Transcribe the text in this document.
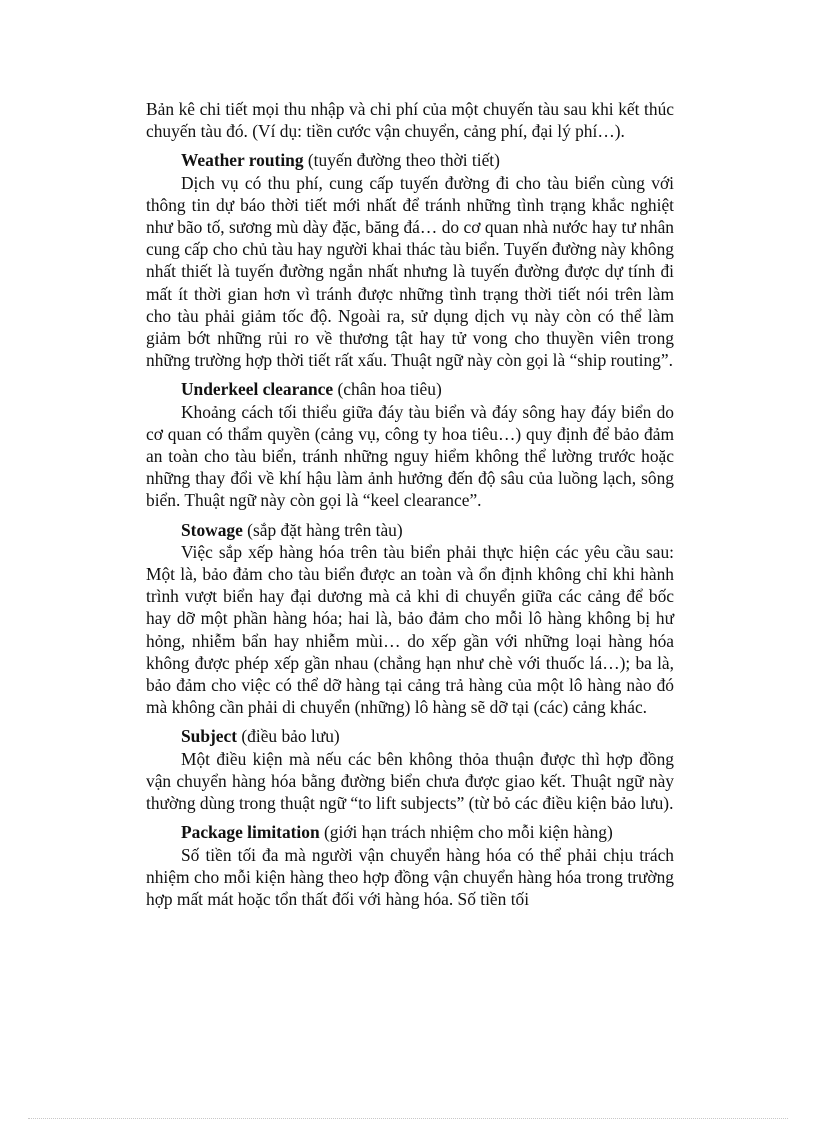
Bản kê chi tiết mọi thu nhập và chi phí của một chuyến tàu sau khi kết thúc chuyến tàu đó. (Ví dụ: tiền cước vận chuyển, cảng phí, đại lý phí…).

Weather routing (tuyến đường theo thời tiết)

Dịch vụ có thu phí, cung cấp tuyến đường đi cho tàu biển cùng với thông tin dự báo thời tiết mới nhất để tránh những tình trạng khắc nghiệt như bão tố, sương mù dày đặc, băng đá… do cơ quan nhà nước hay tư nhân cung cấp cho chủ tàu hay người khai thác tàu biển. Tuyến đường này không nhất thiết là tuyến đường ngắn nhất nhưng là tuyến đường được dự tính đi mất ít thời gian hơn vì tránh được những tình trạng thời tiết nói trên làm cho tàu phải giảm tốc độ. Ngoài ra, sử dụng dịch vụ này còn có thể làm giảm bớt những rủi ro về thương tật hay tử vong cho thuyền viên trong những trường hợp thời tiết rất xấu. Thuật ngữ này còn gọi là “ship routing”.

Underkeel clearance (chân hoa tiêu)

Khoảng cách tối thiểu giữa đáy tàu biển và đáy sông hay đáy biển do cơ quan có thẩm quyền (cảng vụ, công ty hoa tiêu…) quy định để bảo đảm an toàn cho tàu biển, tránh những nguy hiểm không thể lường trước hoặc những thay đổi về khí hậu làm ảnh hưởng đến độ sâu của luồng lạch, sông biển. Thuật ngữ này còn gọi là “keel clearance”.

Stowage (sắp đặt hàng trên tàu)

Việc sắp xếp hàng hóa trên tàu biển phải thực hiện các yêu cầu sau: Một là, bảo đảm cho tàu biển được an toàn và ổn định không chỉ khi hành trình vượt biển hay đại dương mà cả khi di chuyển giữa các cảng để bốc hay dỡ một phần hàng hóa; hai là, bảo đảm cho mỗi lô hàng không bị hư hỏng, nhiễm bẩn hay nhiễm mùi… do xếp gần với những loại hàng hóa không được phép xếp gần nhau (chẳng hạn như chè với thuốc lá…); ba là, bảo đảm cho việc có thể dỡ hàng tại cảng trả hàng của một lô hàng nào đó mà không cần phải di chuyển (những) lô hàng sẽ dỡ tại (các) cảng khác.

Subject (điều bảo lưu)

Một điều kiện mà nếu các bên không thỏa thuận được thì hợp đồng vận chuyển hàng hóa bằng đường biển chưa được giao kết. Thuật ngữ này thường dùng trong thuật ngữ “to lift subjects” (từ bỏ các điều kiện bảo lưu).

Package limitation (giới hạn trách nhiệm cho mỗi kiện hàng)

Số tiền tối đa mà người vận chuyển hàng hóa có thể phải chịu trách nhiệm cho mỗi kiện hàng theo hợp đồng vận chuyển hàng hóa trong trường hợp mất mát hoặc tổn thất đối với hàng hóa. Số tiền tối
